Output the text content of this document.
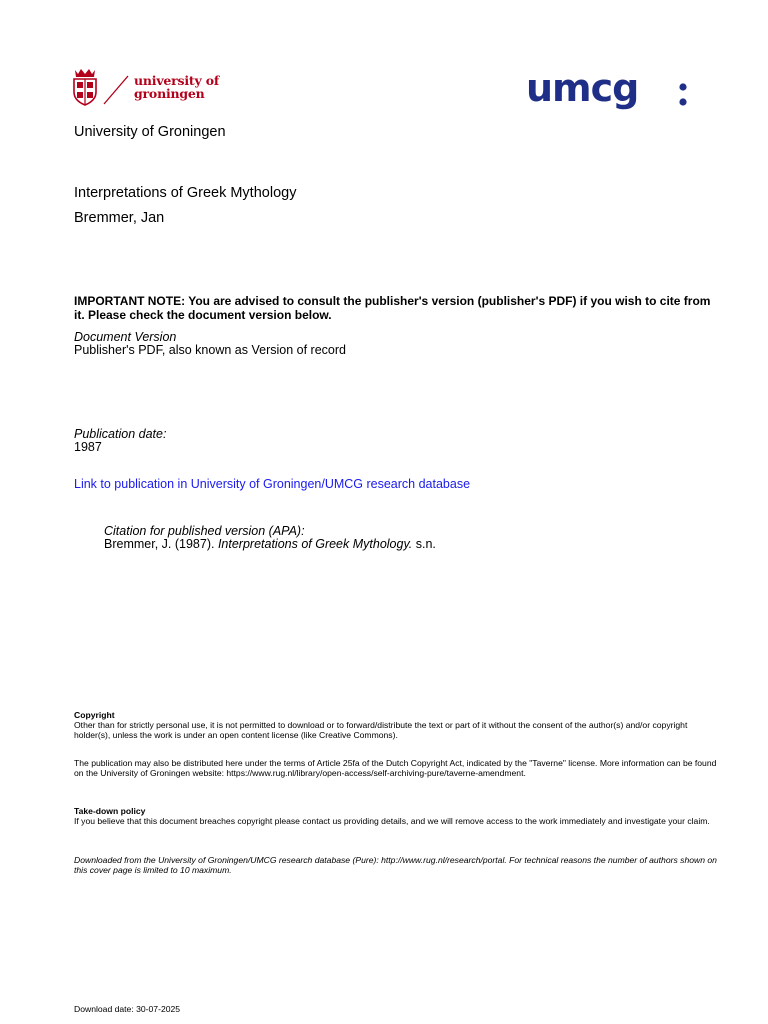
university of
groningen	umcg
University of Groningen
Interpretations of Greek Mythology
Bremmer, Jan
IMPORTANT NOTE: You are advised to consult the publisher's version (publisher's PDF) if you wish to cite from it. Please check the document version below.
Document Version
Publisher's PDF, also known as Version of record
Publication date:
1987
Link to publication in University of Groningen/UMCG research database
Citation for published version (APA):
Bremmer, J. (1987). Interpretations of Greek Mythology. s.n.
Copyright
Other than for strictly personal use, it is not permitted to download or to forward/distribute the text or part of it without the consent of the author(s) and/or copyright holder(s), unless the work is under an open content license (like Creative Commons).
The publication may also be distributed here under the terms of Article 25fa of the Dutch Copyright Act, indicated by the "Taverne" license. More information can be found on the University of Groningen website: https://www.rug.nl/library/open-access/self-archiving-pure/taverne-amendment.
Take-down policy
If you believe that this document breaches copyright please contact us providing details, and we will remove access to the work immediately and investigate your claim.
Downloaded from the University of Groningen/UMCG research database (Pure): http://www.rug.nl/research/portal. For technical reasons the number of authors shown on this cover page is limited to 10 maximum.
Download date: 30-07-2025
